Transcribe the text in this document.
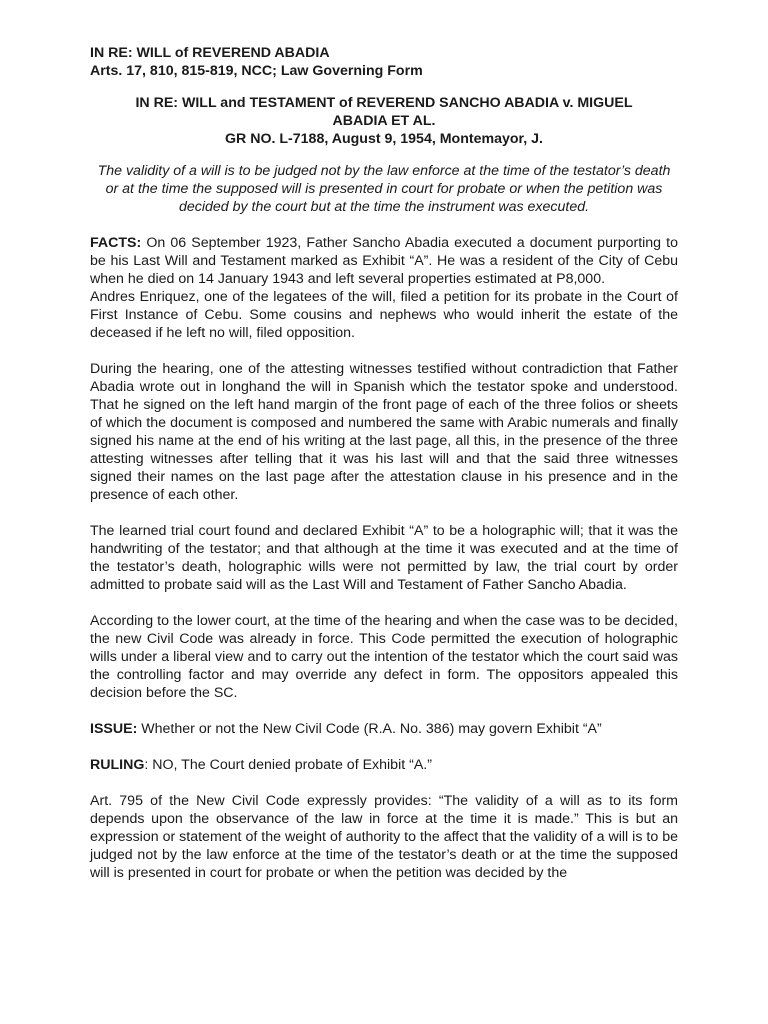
IN RE: WILL of REVEREND ABADIA
Arts. 17, 810, 815-819, NCC; Law Governing Form
IN RE: WILL and TESTAMENT of REVEREND SANCHO ABADIA v. MIGUEL
ABADIA ET AL.
GR NO. L-7188, August 9, 1954, Montemayor, J.
The validity of a will is to be judged not by the law enforce at the time of the testator’s death or at the time the supposed will is presented in court for probate or when the petition was decided by the court but at the time the instrument was executed.

FACTS: On 06 September 1923, Father Sancho Abadia executed a document purporting to be his Last Will and Testament marked as Exhibit “A”. He was a resident of the City of Cebu when he died on 14 January 1943 and left several properties estimated at P8,000.

Andres Enriquez, one of the legatees of the will, filed a petition for its probate in the Court of First Instance of Cebu. Some cousins and nephews who would inherit the estate of the deceased if he left no will, filed opposition.

During the hearing, one of the attesting witnesses testified without contradiction that Father Abadia wrote out in longhand the will in Spanish which the testator spoke and understood. That he signed on the left hand margin of the front page of each of the three folios or sheets of which the document is composed and numbered the same with Arabic numerals and finally signed his name at the end of his writing at the last page, all this, in the presence of the three attesting witnesses after telling that it was his last will and that the said three witnesses signed their names on the last page after the attestation clause in his presence and in the presence of each other.

The learned trial court found and declared Exhibit “A” to be a holographic will; that it was the handwriting of the testator; and that although at the time it was executed and at the time of the testator’s death, holographic wills were not permitted by law, the trial court by order admitted to probate said will as the Last Will and Testament of Father Sancho Abadia.

According to the lower court, at the time of the hearing and when the case was to be decided, the new Civil Code was already in force. This Code permitted the execution of holographic wills under a liberal view and to carry out the intention of the testator which the court said was the controlling factor and may override any defect in form. The oppositors appealed this decision before the SC.

ISSUE: Whether or not the New Civil Code (R.A. No. 386) may govern Exhibit “A”

RULING: NO, The Court denied probate of Exhibit “A.”

Art. 795 of the New Civil Code expressly provides: “The validity of a will as to its form depends upon the observance of the law in force at the time it is made.” This is but an expression or statement of the weight of authority to the affect that the validity of a will is to be judged not by the law enforce at the time of the testator’s death or at the time the supposed will is presented in court for probate or when the petition was decided by the
